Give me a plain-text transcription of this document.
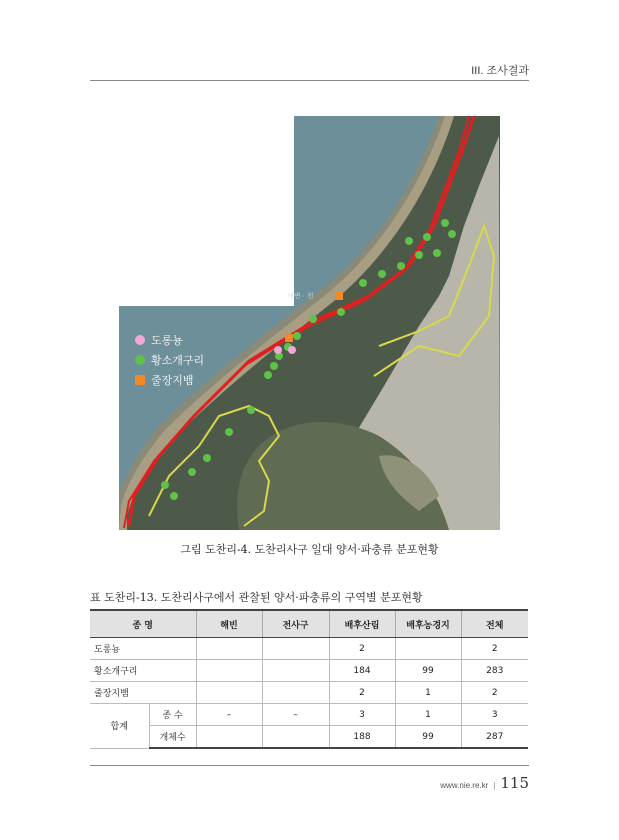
III. 조사결과
해변 · 전
도롱뇽
황소개구리
줄장지뱀
그림 도찬리-4. 도찬리사구 일대 양서·파충류 분포현황
표 도찬리-13. 도찬리사구에서 관찰된 양서·파충류의 구역별 분포현황
종 명		해빈	전사구	배후산림	배후농경지	전체
도롱뇽				2		2
황소개구리				184	99	283
줄장지뱀				2	1	2
합계	종 수	–	–	3	1	3
	개체수			188	99	287
www.nie.re.kr | 115
